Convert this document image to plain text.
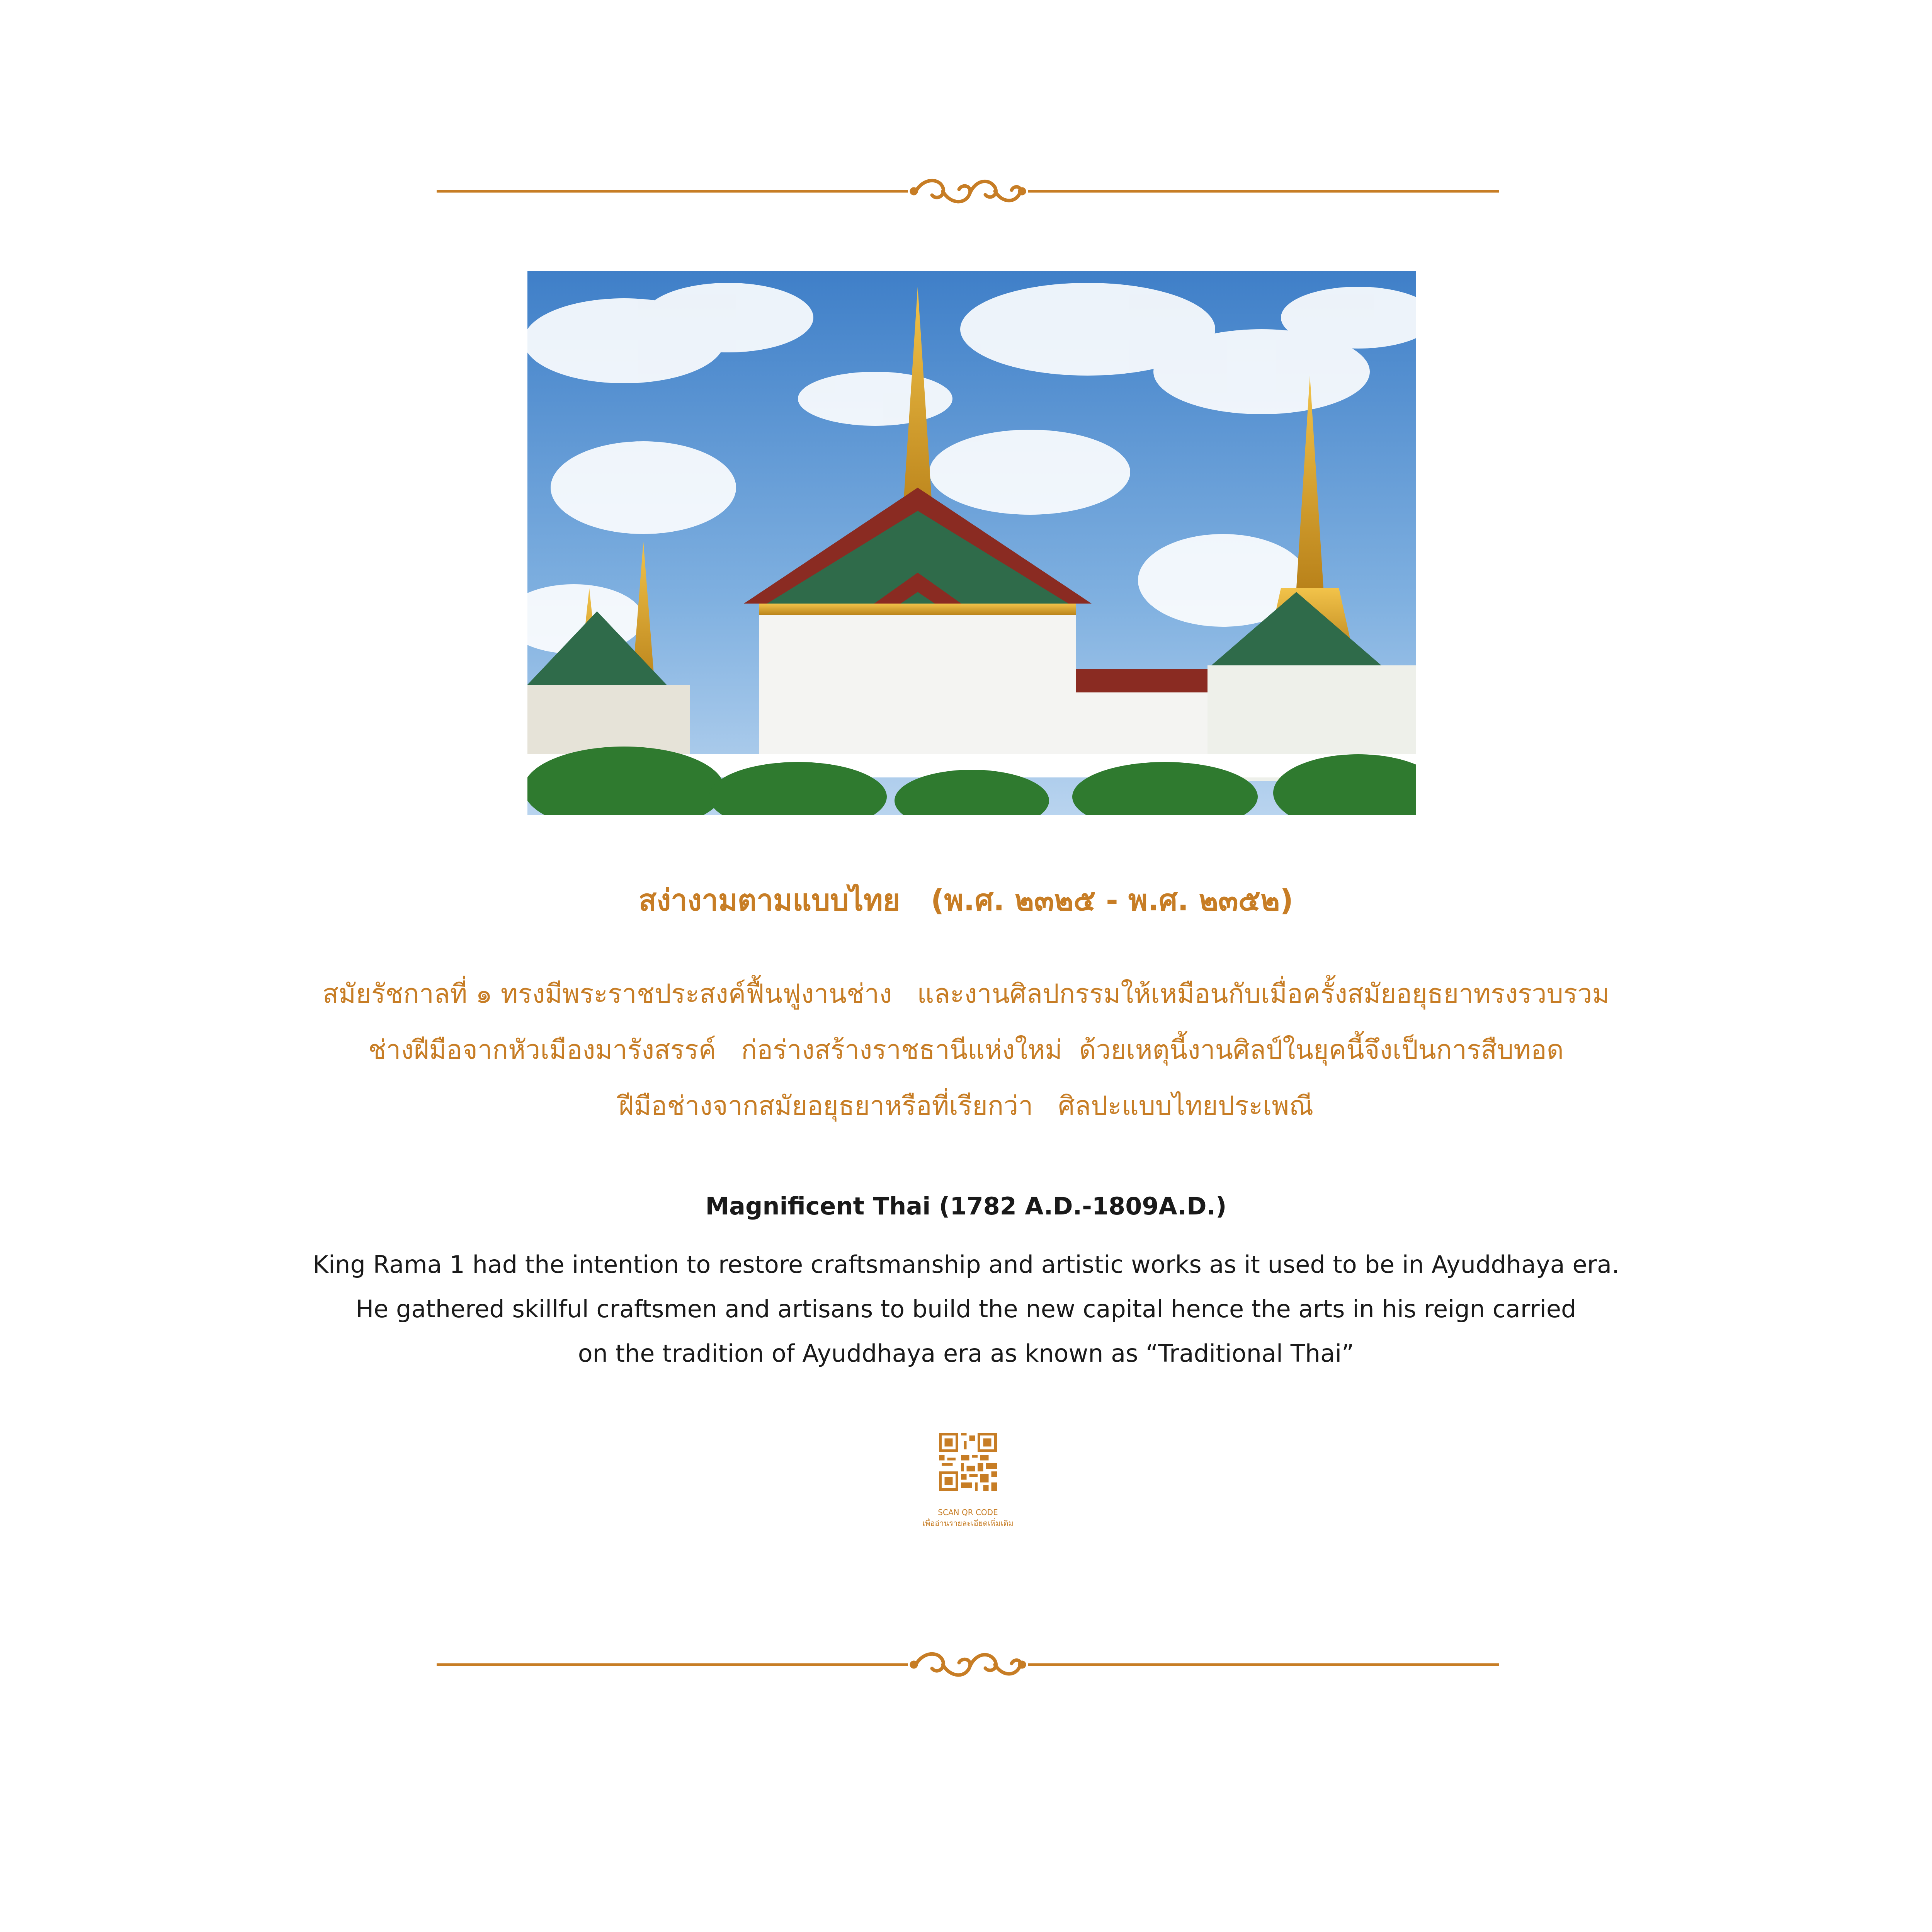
สง่างามตามแบบไทย   (พ.ศ. ๒๓๒๕ - พ.ศ. ๒๓๕๒)
สมัยรัชกาลที่ ๑ ทรงมีพระราชประสงค์ฟื้นฟูงานช่าง   และงานศิลปกรรมให้เหมือนกับเมื่อครั้งสมัยอยุธยาทรงรวบรวม
ช่างฝีมือจากหัวเมืองมารังสรรค์   ก่อร่างสร้างราชธานีแห่งใหม่  ด้วยเหตุนี้งานศิลป์ในยุคนี้จึงเป็นการสืบทอด
ฝีมือช่างจากสมัยอยุธยาหรือที่เรียกว่า   ศิลปะแบบไทยประเพณี
Magnificent Thai (1782 A.D.-1809A.D.)
King Rama 1 had the intention to restore craftsmanship and artistic works as it used to be in Ayuddhaya era.
He gathered skillful craftsmen and artisans to build the new capital hence the arts in his reign carried
on the tradition of Ayuddhaya era as known as “Traditional Thai”
SCAN QR CODE
เพื่ออ่านรายละเอียดเพิ่มเติม
